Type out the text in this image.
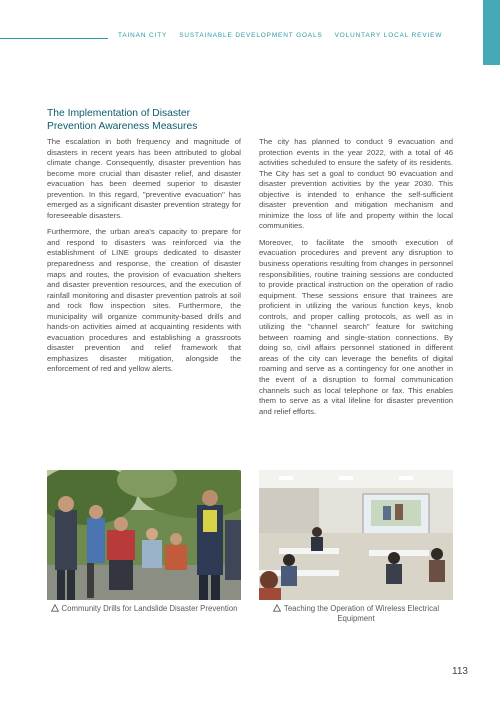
TAINAN CITY SUSTAINABLE DEVELOPMENT GOALS VOLUNTARY LOCAL REVIEW
The Implementation of Disaster Prevention Awareness Measures

The escalation in both frequency and magnitude of disasters in recent years has been attributed to global climate change. Consequently, disaster prevention has become more crucial than disaster relief, and disaster evacuation has been deemed superior to disaster prevention. In this regard, "preventive evacuation" has emerged as a significant disaster prevention strategy for foreseeable disasters.

Furthermore, the urban area's capacity to prepare for and respond to disasters was reinforced via the establishment of LINE groups dedicated to disaster preparedness and response, the creation of disaster maps and routes, the provision of evacuation shelters and disaster prevention resources, and the execution of rainfall monitoring and disaster prevention patrols at soil and rock flow inspection sites. Furthermore, the municipality will organize community-based drills and hands-on activities aimed at acquainting residents with evacuation procedures and establishing a grassroots disaster prevention and relief framework that emphasizes disaster mitigation, alongside the enforcement of red and yellow alerts.

The city has planned to conduct 9 evacuation and protection events in the year 2022, with a total of 46 activities scheduled to ensure the safety of its residents. The City has set a goal to conduct 90 evacuation and disaster prevention activities by the year 2030. This objective is intended to enhance the self-sufficient disaster prevention and mitigation mechanism and minimize the loss of life and property within the local communities.

Moreover, to facilitate the smooth execution of evacuation procedures and prevent any disruption to business operations resulting from changes in personnel responsibilities, routine training sessions are conducted to provide practical instruction on the operation of radio equipment. These sessions ensure that trainees are proficient in utilizing the various function keys, knob controls, and proper calling protocols, as well as in utilizing the "channel search" feature for switching between roaming and single-station connections. By doing so, civil affairs personnel stationed in different areas of the city can leverage the benefits of digital roaming and serve as a contingency for one another in the event of a disruption to formal communication channels such as local telephone or fax. This enables them to serve as a vital lifeline for disaster prevention and relief efforts.

Community Drills for Landslide Disaster Prevention	Teaching the Operation of Wireless Electrical Equipment
113
